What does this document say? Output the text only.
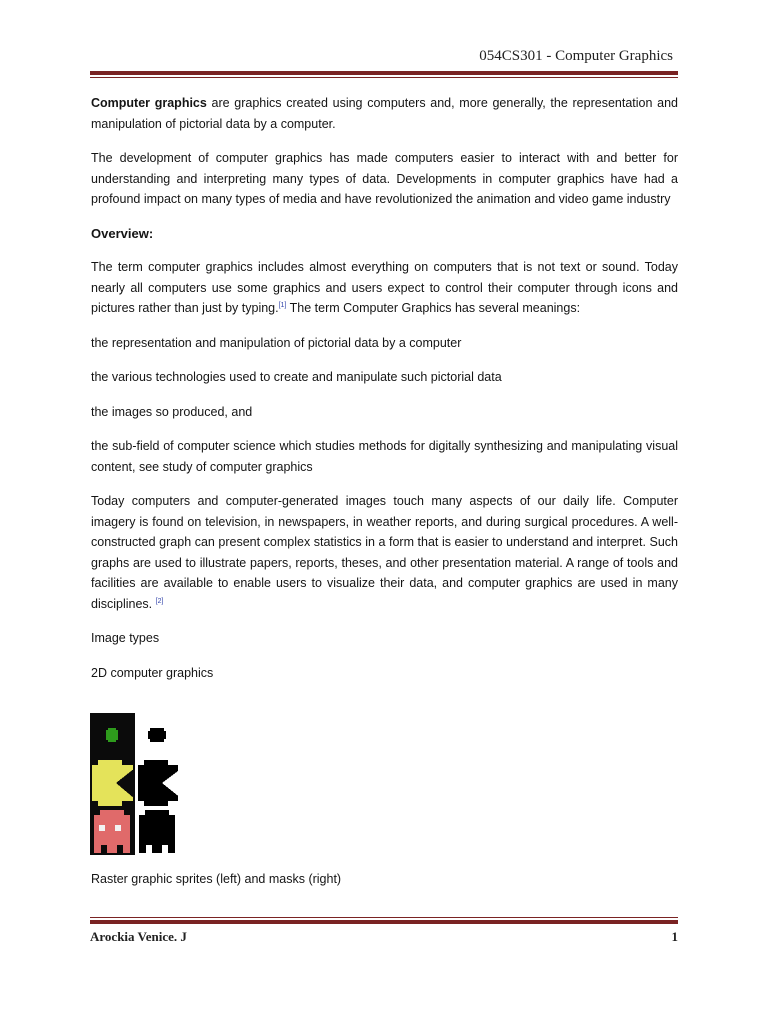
054CS301 - Computer Graphics

Computer graphics are graphics created using computers and, more generally, the representation and manipulation of pictorial data by a computer.

The development of computer graphics has made computers easier to interact with and better for understanding and interpreting many types of data. Developments in computer graphics have had a profound impact on many types of media and have revolutionized the animation and video game industry

Overview:

The term computer graphics includes almost everything on computers that is not text or sound. Today nearly all computers use some graphics and users expect to control their computer through icons and pictures rather than just by typing.[1] The term Computer Graphics has several meanings:

the representation and manipulation of pictorial data by a computer

the various technologies used to create and manipulate such pictorial data

the images so produced, and

the sub-field of computer science which studies methods for digitally synthesizing and manipulating visual content, see study of computer graphics

Today computers and computer-generated images touch many aspects of our daily life. Computer imagery is found on television, in newspapers, in weather reports, and during surgical procedures. A well-constructed graph can present complex statistics in a form that is easier to understand and interpret. Such graphs are used to illustrate papers, reports, theses, and other presentation material. A range of tools and facilities are available to enable users to visualize their data, and computer graphics are used in many disciplines. [2]

Image types

2D computer graphics

Raster graphic sprites (left) and masks (right)
Arockia Venice. J	1
